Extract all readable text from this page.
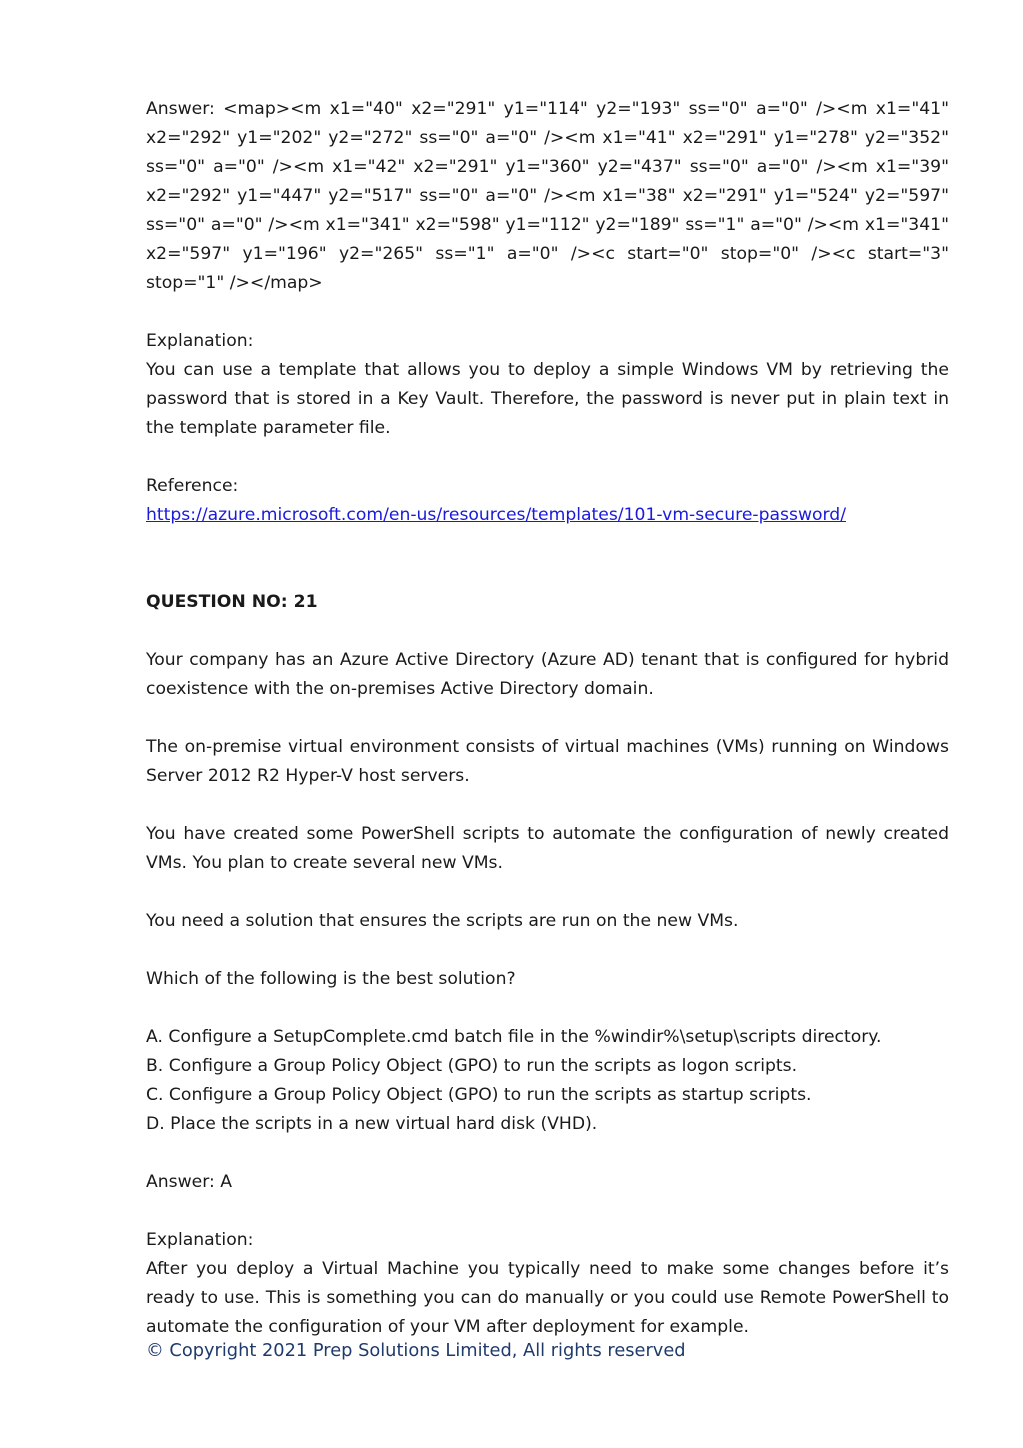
Answer: <map><m x1="40" x2="291" y1="114" y2="193" ss="0" a="0" /><m x1="41" x2="292" y1="202" y2="272" ss="0" a="0" /><m x1="41" x2="291" y1="278" y2="352" ss="0" a="0" /><m x1="42" x2="291" y1="360" y2="437" ss="0" a="0" /><m x1="39" x2="292" y1="447" y2="517" ss="0" a="0" /><m x1="38" x2="291" y1="524" y2="597" ss="0" a="0" /><m x1="341" x2="598" y1="112" y2="189" ss="1" a="0" /><m x1="341" x2="597" y1="196" y2="265" ss="1" a="0" /><c start="0" stop="0" /><c start="3" stop="1" /></map>

Explanation:

You can use a template that allows you to deploy a simple Windows VM by retrieving the password that is stored in a Key Vault. Therefore, the password is never put in plain text in the template parameter file.

Reference:

https://azure.microsoft.com/en-us/resources/templates/101-vm-secure-password/

QUESTION NO: 21

Your company has an Azure Active Directory (Azure AD) tenant that is configured for hybrid coexistence with the on-premises Active Directory domain.

The on-premise virtual environment consists of virtual machines (VMs) running on Windows Server 2012 R2 Hyper-V host servers.

You have created some PowerShell scripts to automate the configuration of newly created VMs. You plan to create several new VMs.

You need a solution that ensures the scripts are run on the new VMs.

Which of the following is the best solution?

A. Configure a SetupComplete.cmd batch file in the %windir%\setup\scripts directory.

B. Configure a Group Policy Object (GPO) to run the scripts as logon scripts.

C. Configure a Group Policy Object (GPO) to run the scripts as startup scripts.

D. Place the scripts in a new virtual hard disk (VHD).

Answer: A

Explanation:

After you deploy a Virtual Machine you typically need to make some changes before it’s ready to use. This is something you can do manually or you could use Remote PowerShell to automate the configuration of your VM after deployment for example.

© Copyright 2021 Prep Solutions Limited, All rights reserved
